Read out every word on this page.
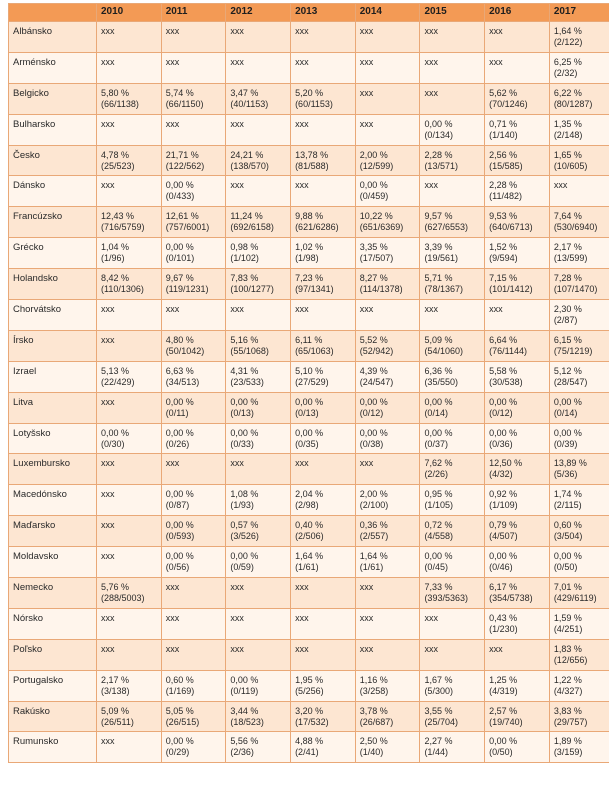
	2010	2011	2012	2013	2014	2015	2016	2017
Albánsko	xxx	xxx	xxx	xxx	xxx	xxx	xxx	1,64 %
(2/122)

Arménsko	xxx	xxx	xxx	xxx	xxx	xxx	xxx	6,25 %
(2/32)

Belgicko	5,80 %
(66/1138)	5,74 %
(66/1150)	3,47 %
(40/1153)	5,20 %
(60/1153)	xxx	xxx	5,62 %
(70/1246)	6,22 %
(80/1287)

Bulharsko	xxx	xxx	xxx	xxx	xxx	0,00 %
(0/134)	0,71 %
(1/140)	1,35 %
(2/148)

Česko	4,78 %
(25/523)	21,71 %
(122/562)	24,21 %
(138/570)	13,78 %
(81/588)	2,00 %
(12/599)	2,28 %
(13/571)	2,56 %
(15/585)	1,65 %
(10/605)

Dánsko	xxx	0,00 %
(0/433)	xxx	xxx	0,00 %
(0/459)	xxx	2,28 %
(11/482)	xxx

Francúzsko	12,43 %
(716/5759)	12,61 %
(757/6001)	11,24 %
(692/6158)	9,88 %
(621/6286)	10,22 %
(651/6369)	9,57 %
(627/6553)	9,53 %
(640/6713)	7,64 %
(530/6940)

Grécko	1,04 %
(1/96)	0,00 %
(0/101)	0,98 %
(1/102)	1,02 %
(1/98)	3,35 %
(17/507)	3,39 %
(19/561)	1,52 %
(9/594)	2,17 %
(13/599)

Holandsko	8,42 %
(110/1306)	9,67 %
(119/1231)	7,83 %
(100/1277)	7,23 %
(97/1341)	8,27 %
(114/1378)	5,71 %
(78/1367)	7,15 %
(101/1412)	7,28 %
(107/1470)

Chorvátsko	xxx	xxx	xxx	xxx	xxx	xxx	xxx	2,30 %
(2/87)

Írsko	xxx	4,80 %
(50/1042)	5,16 %
(55/1068)	6,11 %
(65/1063)	5,52 %
(52/942)	5,09 %
(54/1060)	6,64 %
(76/1144)	6,15 %
(75/1219)

Izrael	5,13 %
(22/429)	6,63 %
(34/513)	4,31 %
(23/533)	5,10 %
(27/529)	4,39 %
(24/547)	6,36 %
(35/550)	5,58 %
(30/538)	5,12 %
(28/547)

Litva	xxx	0,00 %
(0/11)	0,00 %
(0/13)	0,00 %
(0/13)	0,00 %
(0/12)	0,00 %
(0/14)	0,00 %
(0/12)	0,00 %
(0/14)

Lotyšsko	0,00 %
(0/30)	0,00 %
(0/26)	0,00 %
(0/33)	0,00 %
(0/35)	0,00 %
(0/38)	0,00 %
(0/37)	0,00 %
(0/36)	0,00 %
(0/39)

Luxembursko	xxx	xxx	xxx	xxx	xxx	7,62 %
(2/26)	12,50 %
(4/32)	13,89 %
(5/36)

Macedónsko	xxx	0,00 %
(0/87)	1,08 %
(1/93)	2,04 %
(2/98)	2,00 %
(2/100)	0,95 %
(1/105)	0,92 %
(1/109)	1,74 %
(2/115)

Maďarsko	xxx	0,00 %
(0/593)	0,57 %
(3/526)	0,40 %
(2/506)	0,36 %
(2/557)	0,72 %
(4/558)	0,79 %
(4/507)	0,60 %
(3/504)

Moldavsko	xxx	0,00 %
(0/56)	0,00 %
(0/59)	1,64 %
(1/61)	1,64 %
(1/61)	0,00 %
(0/45)	0,00 %
(0/46)	0,00 %
(0/50)

Nemecko	5,76 %
(288/5003)	xxx	xxx	xxx	xxx	7,33 %
(393/5363)	6,17 %
(354/5738)	7,01 %
(429/6119)

Nórsko	xxx	xxx	xxx	xxx	xxx	xxx	0,43 %
(1/230)	1,59 %
(4/251)

Poľsko	xxx	xxx	xxx	xxx	xxx	xxx	xxx	1,83 %
(12/656)

Portugalsko	2,17 %
(3/138)	0,60 %
(1/169)	0,00 %
(0/119)	1,95 %
(5/256)	1,16 %
(3/258)	1,67 %
(5/300)	1,25 %
(4/319)	1,22 %
(4/327)

Rakúsko	5,09 %
(26/511)	5,05 %
(26/515)	3,44 %
(18/523)	3,20 %
(17/532)	3,78 %
(26/687)	3,55 %
(25/704)	2,57 %
(19/740)	3,83 %
(29/757)

Rumunsko	xxx	0,00 %
(0/29)	5,56 %
(2/36)	4,88 %
(2/41)	2,50 %
(1/40)	2,27 %
(1/44)	0,00 %
(0/50)	1,89 %
(3/159)
